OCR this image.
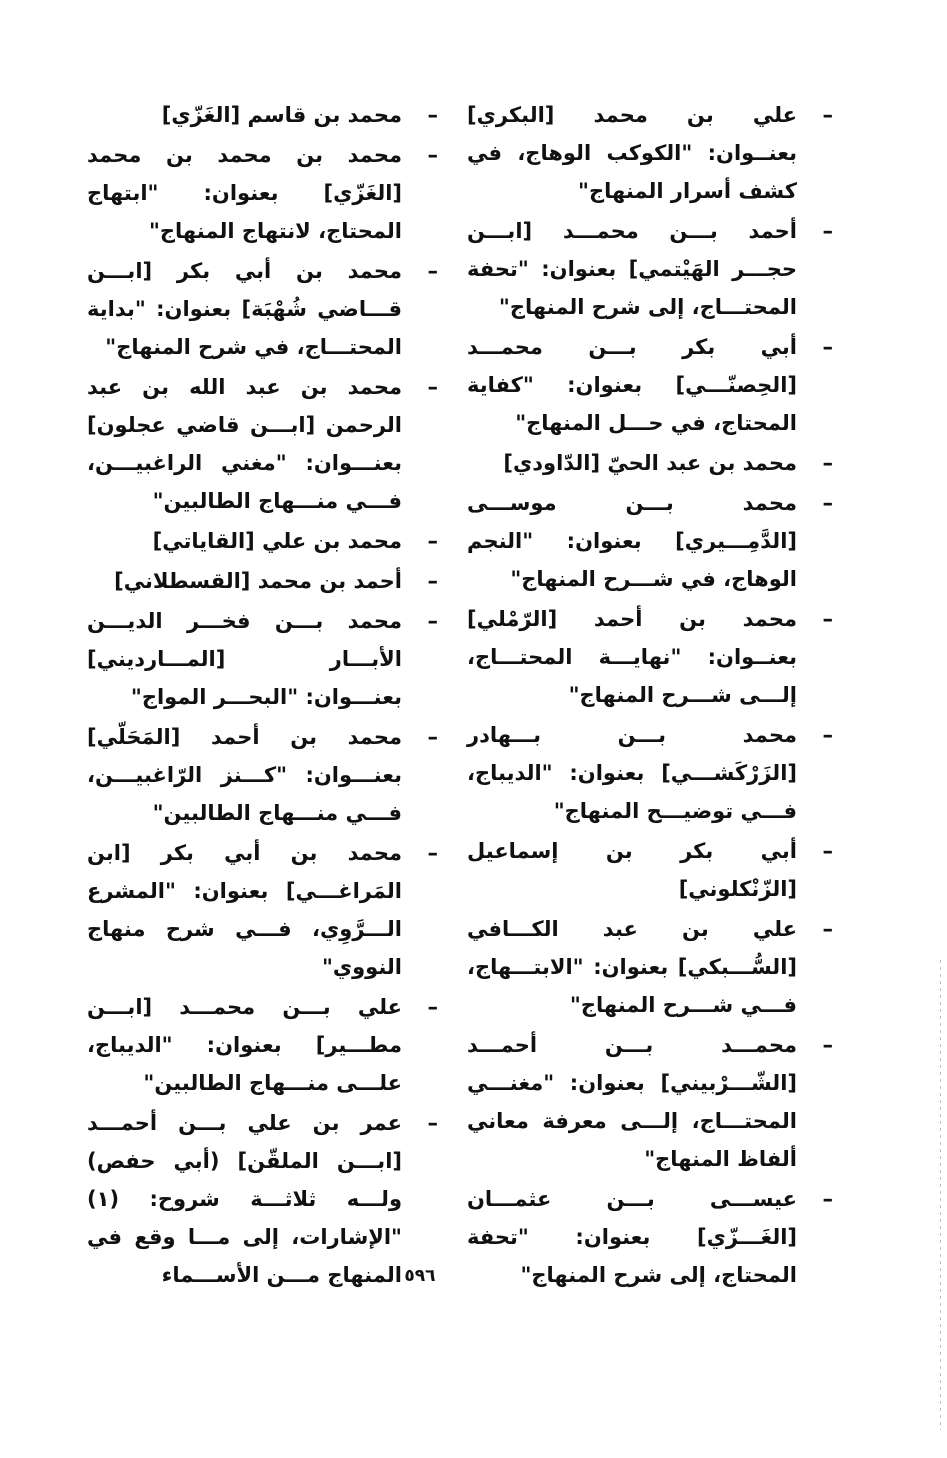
–
علي بن محمد [البكري] بعنــوان: "الكوكب الوهاج، في كشف أسرار المنهاج"
–
أحمد بـــن محمـــد [ابـــن حجـــر الهَيْتمي] بعنوان: "تحفة المحتـــاج، إلى شرح المنهاج"
–
أبي بكر بـــن محمـــد [الحِصنّـــي] بعنوان: "كفاية المحتاج، في حـــل المنهاج"
–
محمد بن عبد الحيّ [الدّاودي]
–
محمد بـــن موســـى [الدَّمِـــيري] بعنوان: "النجم الوهاج، في شـــرح المنهاج"
–
محمد بن أحمد [الرّمْلي] بعنــوان: "نهايـــة المحتـــاج، إلـــى شـــرح المنهاج"
–
محمد بـــن بـــهادر [الزَرْكَشـــي] بعنوان: "الديباج، فـــي توضيـــح المنهاج"
–
أبي بكر بن إسماعيل [الزّنْكلوني]
–
علي بن عبد الكـــافي [السُّـــبكي] بعنوان: "الابتـــهاج، فـــي شـــرح المنهاج"
–
محمـــد بـــن أحمـــد [الشّـــرْبيني] بعنوان: "مغنـــي المحتـــاج، إلـــى معرفة معاني ألفاظ المنهاج"
–
عيســـى بـــن عثمـــان [الغَـــزّي] بعنوان: "تحفة المحتاج، إلى شرح المنهاج"
–
محمد بن قاسم [الغَزّي]
–
محمد بن محمد بن محمد [الغَزّي] بعنوان: "ابتهاج المحتاج، لانتهاج المنهاج"
–
محمد بن أبي بكر [ابـــن قـــاضي شُهْبَة] بعنوان: "بداية المحتـــاج، في شرح المنهاج"
–
محمد بن عبد الله بن عبد الرحمن [ابـــن قاضي عجلون] بعنـــوان: "مغني الراغبيـــن، فـــي منـــهاج الطالبين"
–
محمد بن علي [القاياتي]
–
أحمد بن محمد [القسطلاني]
–
محمد بـــن فخـــر الديـــن الأبـــار [المـــارديني] بعنـــوان: "البحـــر المواج"
–
محمد بن أحمد [المَحَلّي] بعنـــوان: "كـــنز الرّاغبيـــن، فـــي منـــهاج الطالبين"
–
محمد بن أبي بكر [ابن المَراغـــي] بعنوان: "المشرع الـــرَّوِي، فـــي شرح منهاج النووي"
–
علي بـــن محمـــد [ابـــن مطـــير] بعنوان: "الديباج، علـــى منـــهاج الطالبين"
–
عمر بن علي بـــن أحمـــد [ابـــن الملقّن] (أبي حفص) ولـــه ثلاثـــة شروح: (١) "الإشارات، إلى مـــا وقع في المنهاج مـــن الأســـماء ٥٩٦
